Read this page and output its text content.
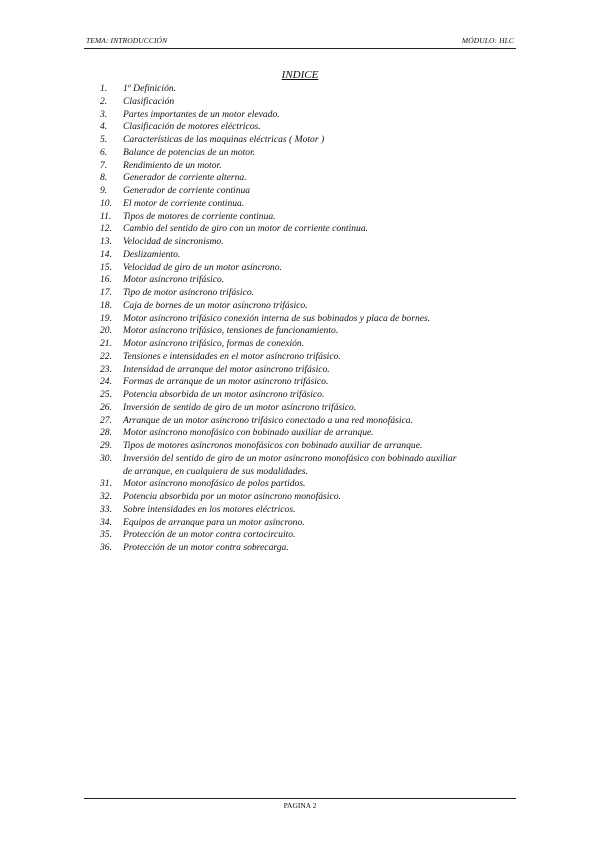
TEMA: INTRODUCCIÓN	MÓDULO: HLC
INDICE
1. 1º Definición.
2. Clasificación
3. Partes importantes de un motor elevado.
4. Clasificación de motores eléctricos.
5. Características de las maquinas eléctricas ( Motor )
6. Balance de potencias de un motor.
7. Rendimiento de un motor.
8. Generador de corriente alterna.
9. Generador de corriente continua
10. El motor de corriente continua.
11. Tipos de motores de corriente continua.
12. Cambio del sentido de giro con un motor de corriente continua.
13. Velocidad de sincronismo.
14. Deslizamiento.
15. Velocidad de giro de un motor asíncrono.
16. Motor asíncrono trifásico.
17. Tipo de motor asíncrono trifásico.
18. Caja de bornes de un motor asíncrono trifásico.
19. Motor asíncrono trifásico conexión interna de sus bobinados y placa de bornes.
20. Motor asíncrono trifásico, tensiones de funcionamiento.
21. Motor asíncrono trifásico, formas de conexión.
22. Tensiones e intensidades en el motor asíncrono trifásico.
23. Intensidad de arranque del motor asíncrono trifásico.
24. Formas de arranque de un motor asíncrono trifásico.
25. Potencia absorbida de un motor asíncrono trifásico.
26. Inversión de sentido de giro de un motor asíncrono trifásico.
27. Arranque de un motor asíncrono trifásico conectado a una red monofásica.
28. Motor asíncrono monofásico con bobinado auxiliar de arranque.
29. Tipos de motores asíncronos monofásicos con bobinado auxiliar de arranque.
30. Inversión del sentido de giro de un motor asíncrono monofásico con bobinado auxiliar
de arranque, en cualquiera de sus modalidades.
31. Motor asíncrono monofásico de polos partidos.
32. Potencia absorbida por un motor asíncrono monofásico.
33. Sobre intensidades en los motores eléctricos.
34. Equipos de arranque para un motor asíncrono.
35. Protección de un motor contra cortocircuito.
36. Protección de un motor contra sobrecarga.
PAGINA 2
